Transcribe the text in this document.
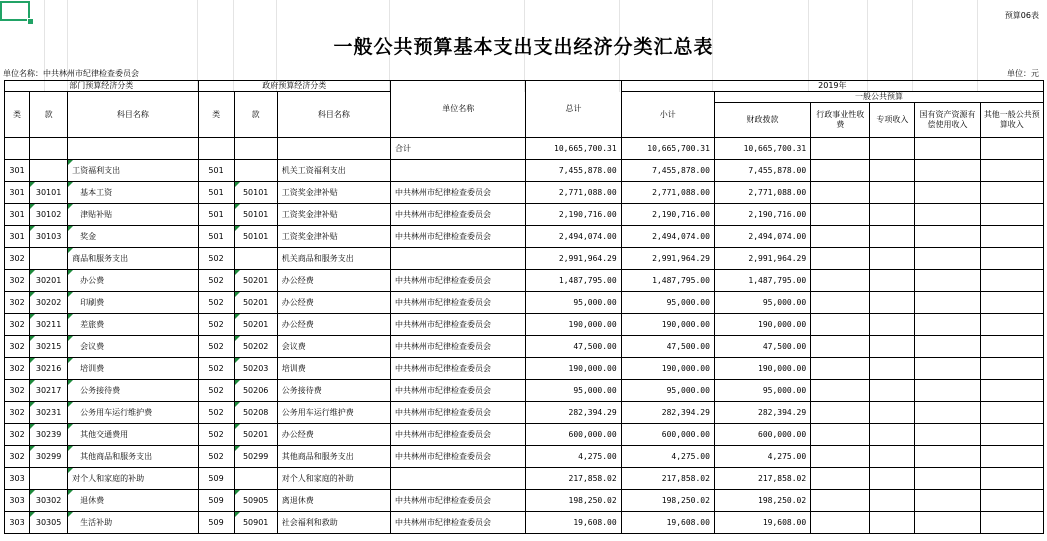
预算06表
一般公共预算基本支出支出经济分类汇总表
单位名称：中共林州市纪律检查委员会	单位：元
部门预算经济分类			政府预算经济分类			单位名称	总计	2019年					
类	款	科目名称	类	款	科目名称			小计	一般公共预算				
									财政拨款	行政事业性收费	专项收入	国有资产资源有偿使用收入	其他一般公共预算收入
						合计	10,665,700.31	10,665,700.31	10,665,700.31				
301		工资福利支出	501		机关工资福利支出		7,455,878.00	7,455,878.00	7,455,878.00				
301	30101	基本工资	501	50101	工资奖金津补贴	中共林州市纪律检查委员会	2,771,088.00	2,771,088.00	2,771,088.00				
301	30102	津贴补贴	501	50101	工资奖金津补贴	中共林州市纪律检查委员会	2,190,716.00	2,190,716.00	2,190,716.00				
301	30103	奖金	501	50101	工资奖金津补贴	中共林州市纪律检查委员会	2,494,074.00	2,494,074.00	2,494,074.00				
302		商品和服务支出	502		机关商品和服务支出		2,991,964.29	2,991,964.29	2,991,964.29				
302	30201	办公费	502	50201	办公经费	中共林州市纪律检查委员会	1,487,795.00	1,487,795.00	1,487,795.00				
302	30202	印刷费	502	50201	办公经费	中共林州市纪律检查委员会	95,000.00	95,000.00	95,000.00				
302	30211	差旅费	502	50201	办公经费	中共林州市纪律检查委员会	190,000.00	190,000.00	190,000.00				
302	30215	会议费	502	50202	会议费	中共林州市纪律检查委员会	47,500.00	47,500.00	47,500.00				
302	30216	培训费	502	50203	培训费	中共林州市纪律检查委员会	190,000.00	190,000.00	190,000.00				
302	30217	公务接待费	502	50206	公务接待费	中共林州市纪律检查委员会	95,000.00	95,000.00	95,000.00				
302	30231	公务用车运行维护费	502	50208	公务用车运行维护费	中共林州市纪律检查委员会	282,394.29	282,394.29	282,394.29				
302	30239	其他交通费用	502	50201	办公经费	中共林州市纪律检查委员会	600,000.00	600,000.00	600,000.00				
302	30299	其他商品和服务支出	502	50299	其他商品和服务支出	中共林州市纪律检查委员会	4,275.00	4,275.00	4,275.00				
303		对个人和家庭的补助	509		对个人和家庭的补助		217,858.02	217,858.02	217,858.02				
303	30302	退休费	509	50905	离退休费	中共林州市纪律检查委员会	198,250.02	198,250.02	198,250.02				
303	30305	生活补助	509	50901	社会福利和救助	中共林州市纪律检查委员会	19,608.00	19,608.00	19,608.00				
